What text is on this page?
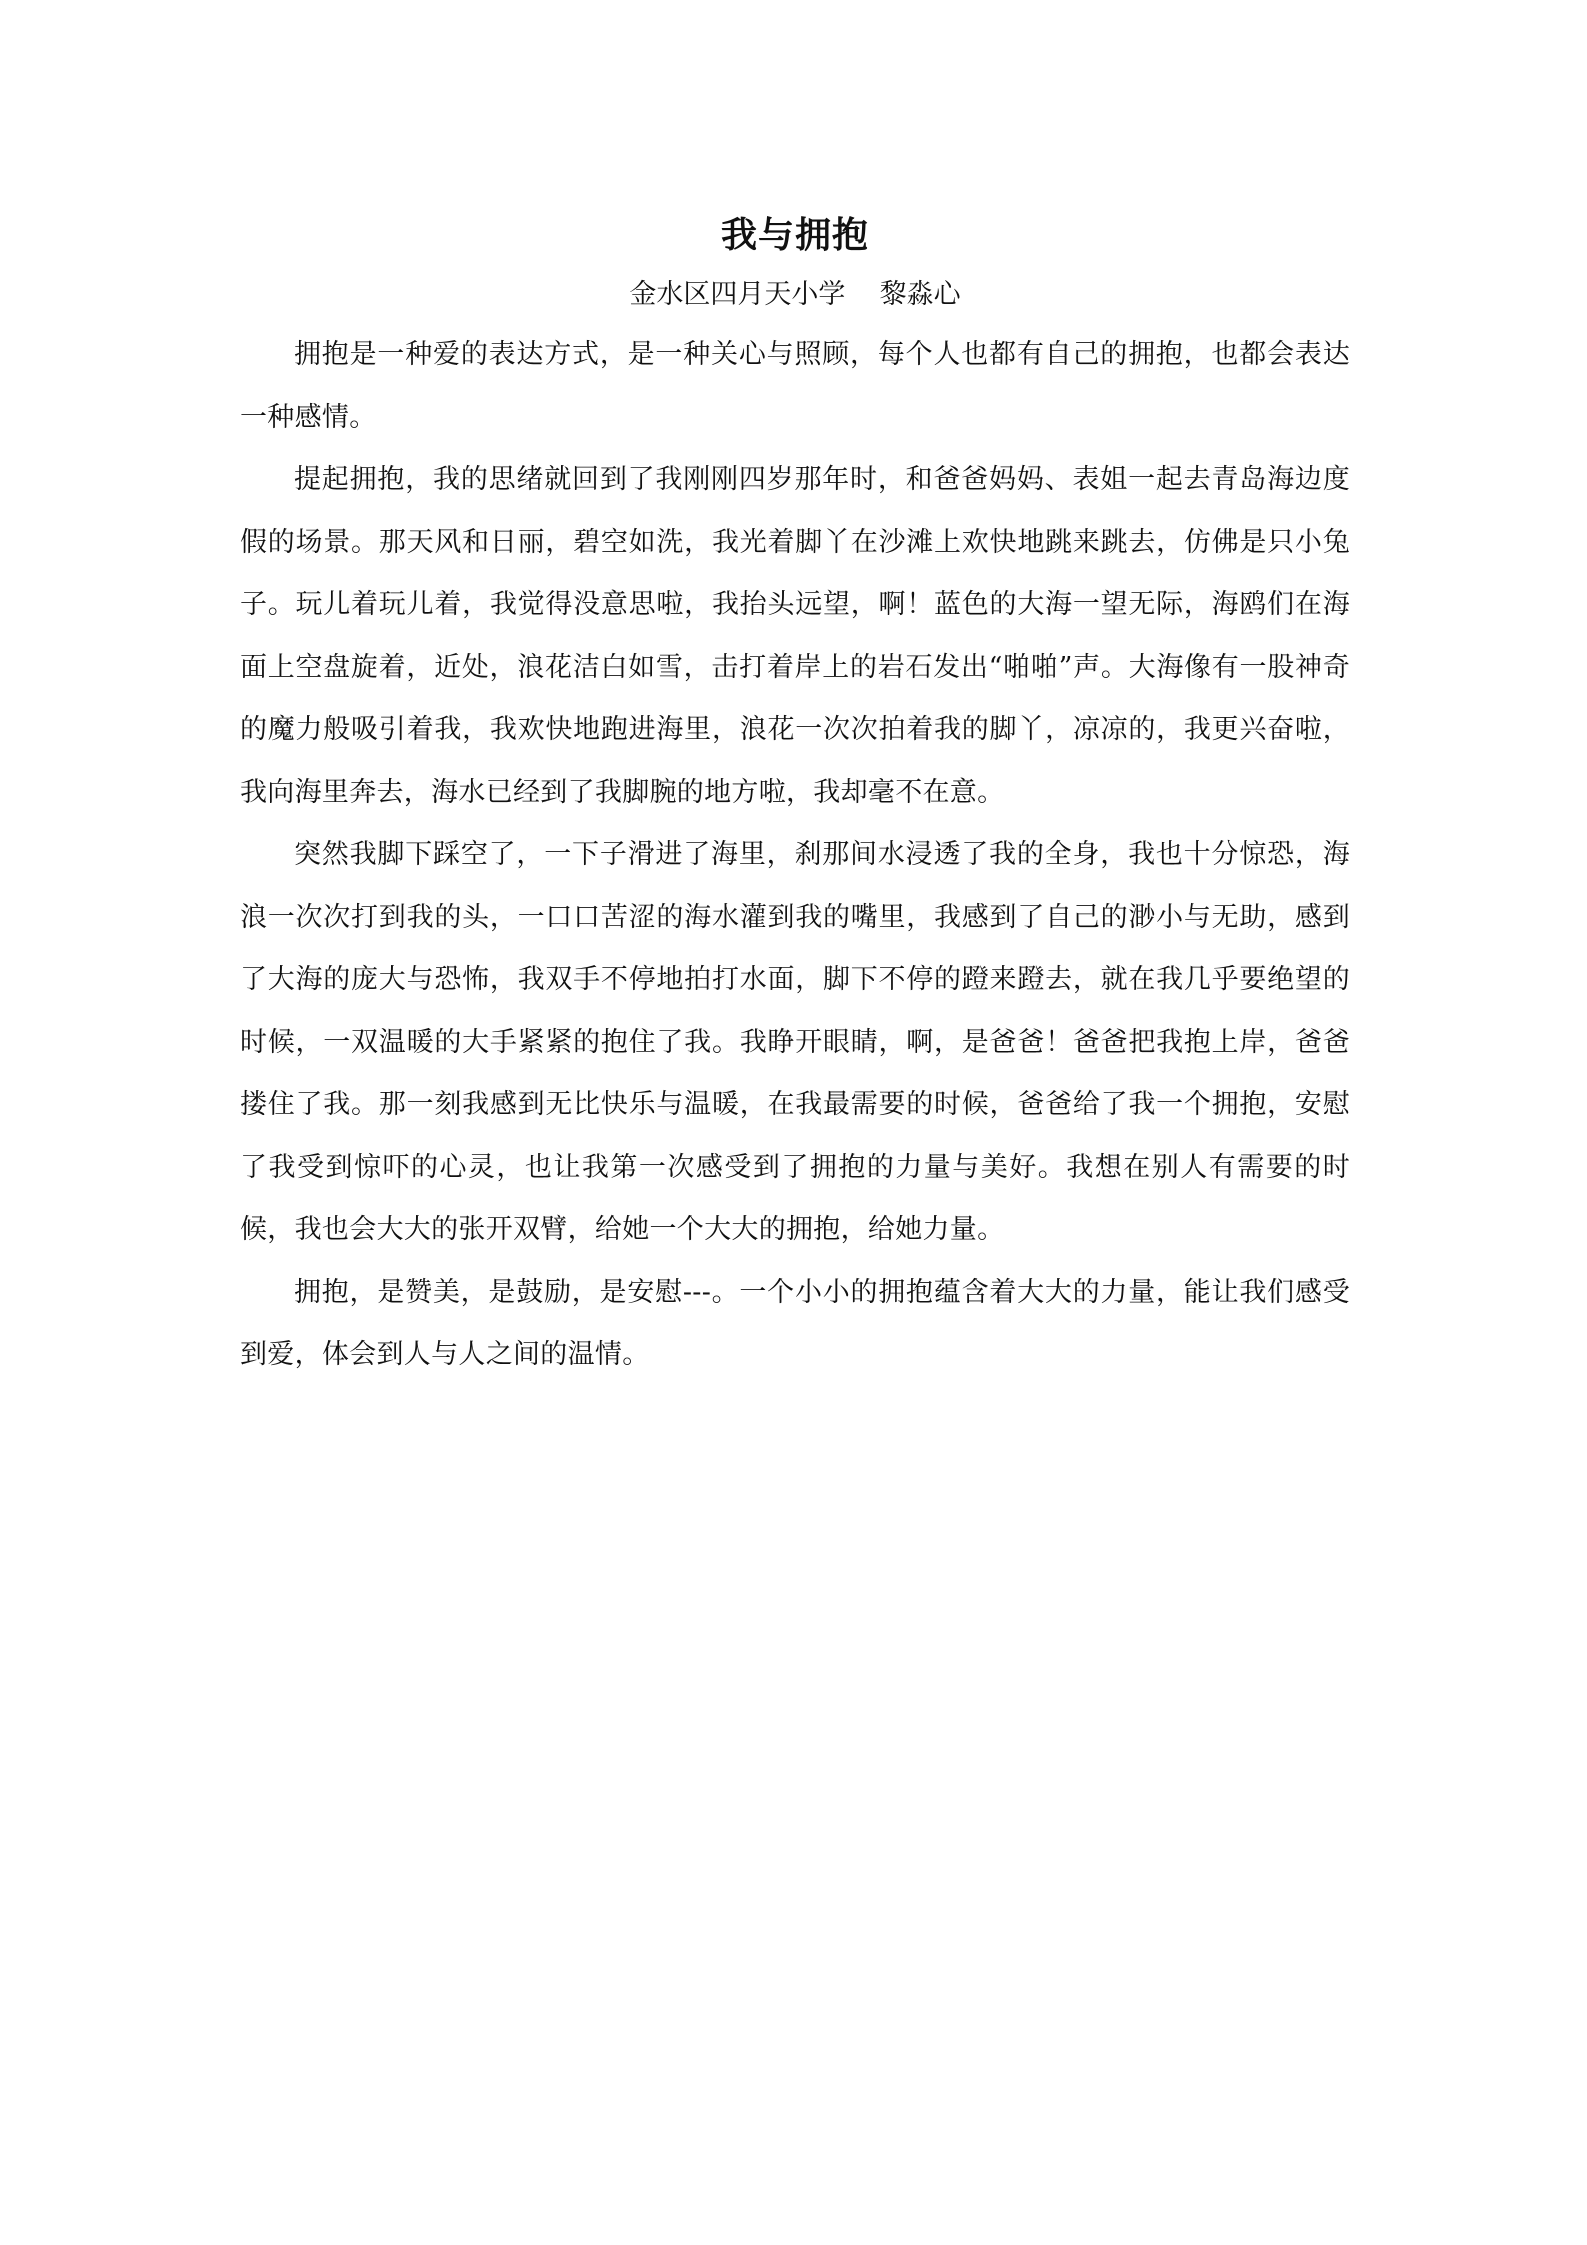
我与拥抱

金水区四月天小学    黎淼心

拥抱是一种爱的表达方式，是一种关心与照顾，每个人也都有自己的拥抱，也都会表达一种感情。

提起拥抱，我的思绪就回到了我刚刚四岁那年时，和爸爸妈妈、表姐一起去青岛海边度假的场景。那天风和日丽，碧空如洗，我光着脚丫在沙滩上欢快地跳来跳去，仿佛是只小兔子。玩儿着玩儿着，我觉得没意思啦，我抬头远望，啊！蓝色的大海一望无际，海鸥们在海面上空盘旋着，近处，浪花洁白如雪，击打着岸上的岩石发出“啪啪”声。大海像有一股神奇的魔力般吸引着我，我欢快地跑进海里，浪花一次次拍着我的脚丫，凉凉的，我更兴奋啦，我向海里奔去，海水已经到了我脚腕的地方啦，我却毫不在意。

突然我脚下踩空了，一下子滑进了海里，刹那间水浸透了我的全身，我也十分惊恐，海浪一次次打到我的头，一口口苦涩的海水灌到我的嘴里，我感到了自己的渺小与无助，感到了大海的庞大与恐怖，我双手不停地拍打水面，脚下不停的蹬来蹬去，就在我几乎要绝望的时候，一双温暖的大手紧紧的抱住了我。我睁开眼睛，啊，是爸爸！爸爸把我抱上岸，爸爸搂住了我。那一刻我感到无比快乐与温暖，在我最需要的时候，爸爸给了我一个拥抱，安慰了我受到惊吓的心灵，也让我第一次感受到了拥抱的力量与美好。我想在别人有需要的时候，我也会大大的张开双臂，给她一个大大的拥抱，给她力量。

拥抱，是赞美，是鼓励，是安慰---。一个小小的拥抱蕴含着大大的力量，能让我们感受到爱，体会到人与人之间的温情。
